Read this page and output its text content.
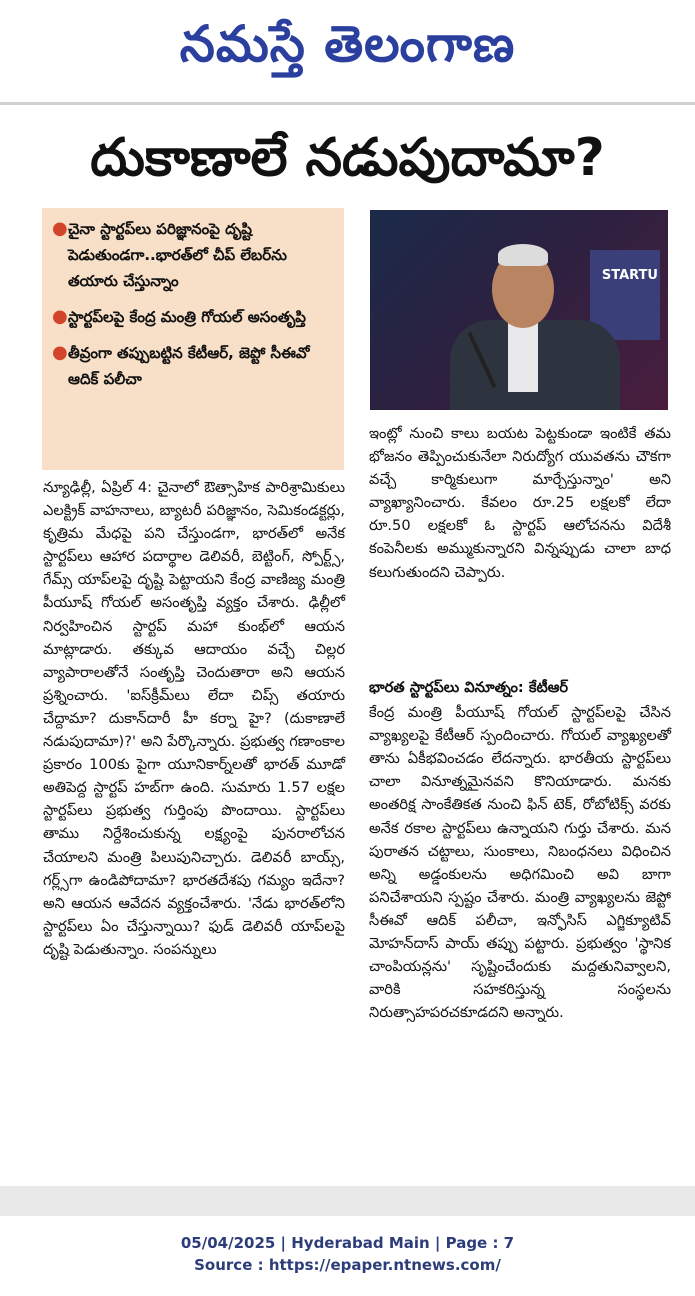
నమస్తే తెలంగాణ
దుకాణాలే నడుపుదామా?
● చైనా స్టార్టప్‌లు పరిజ్ఞానంపై దృష్టి పెడుతుండగా..భారత్‌లో చీప్ లేబర్‌ను తయారు చేస్తున్నాం
● స్టార్టప్‌లపై కేంద్ర మంత్రి గోయల్ అసంతృప్తి
● తీవ్రంగా తప్పుబట్టిన కేటీఆర్, జెప్టో సీఈవో ఆదిక్ పలీచా
STARTU

న్యూఢిల్లీ, ఏప్రిల్ 4: చైనాలో ఔత్సాహిక పారిశ్రామికులు ఎలక్ట్రిక్ వాహనాలు, బ్యాటరీ పరిజ్ఞానం, సెమికండక్టర్లు, కృత్రిమ మేధపై పని చేస్తుండగా, భారత్‌లో అనేక స్టార్టప్‌లు ఆహార పదార్థాల డెలివరీ, బెట్టింగ్, స్పోర్ట్స్, గేమ్స్ యాప్‌లపై దృష్టి పెట్టాయని కేంద్ర వాణిజ్య మంత్రి పీయూష్ గోయల్ అసంతృప్తి వ్యక్తం చేశారు. ఢిల్లీలో నిర్వహించిన స్టార్టప్ మహా కుంభ్‌లో ఆయన మాట్లాడారు. తక్కువ ఆదాయం వచ్చే చిల్లర వ్యాపారాలతోనే సంతృప్తి చెందుతారా అని ఆయన ప్రశ్నించారు. 'ఐస్‌క్రీమ్‌లు లేదా చిప్స్ తయారు చేద్దామా? దుకాన్‌దారీ హీ కర్నా హై? (దుకాణాలే నడుపుదామా)?' అని పేర్కొన్నారు. ప్రభుత్వ గణాంకాల ప్రకారం 100కు పైగా యూనికార్న్‌లతో భారత్ మూడో అతిపెద్ద స్టార్టప్ హబ్‌గా ఉంది. సుమారు 1.57 లక్షల స్టార్టప్‌లు ప్రభుత్వ గుర్తింపు పొందాయి. స్టార్టప్‌లు తాము నిర్దేశించుకున్న లక్ష్యంపై పునరాలోచన చేయాలని మంత్రి పిలుపునిచ్చారు. డెలివరీ బాయ్స్, గర్ల్స్‌గా ఉండిపోదామా? భారతదేశపు గమ్యం ఇదేనా? అని ఆయన ఆవేదన వ్యక్తంచేశారు. 'నేడు భారత్‌లోని స్టార్టప్‌లు ఏం చేస్తున్నాయి? ఫుడ్ డెలివరీ యాప్‌లపై దృష్టి పెడుతున్నాం. సంపన్నులు

ఇంట్లో నుంచి కాలు బయట పెట్టకుండా ఇంటికే తమ భోజనం తెప్పించుకునేలా నిరుద్యోగ యువతను చౌకగా వచ్చే కార్మికులుగా మార్చేస్తున్నాం' అని వ్యాఖ్యానించారు. కేవలం రూ.25 లక్షలకో లేదా రూ.50 లక్షలకో ఓ స్టార్టప్ ఆలోచనను విదేశీ కంపెనీలకు అమ్ముకున్నారని విన్నప్పుడు చాలా బాధ కలుగుతుందని చెప్పారు.

భారత స్టార్టప్‌లు వినూత్నం: కేటీఆర్

కేంద్ర మంత్రి పీయూష్ గోయల్ స్టార్టప్‌లపై చేసిన వ్యాఖ్యలపై కేటీఆర్ స్పందించారు. గోయల్ వ్యాఖ్యలతో తాను ఏకీభవించడం లేదన్నారు. భారతీయ స్టార్టప్‌లు చాలా వినూత్నమైనవని కొనియాడారు. మనకు అంతరిక్ష సాంకేతికత నుంచి ఫిన్ టెక్, రోబోటిక్స్ వరకు అనేక రకాల స్టార్టప్‌లు ఉన్నాయని గుర్తు చేశారు. మన పురాతన చట్టాలు, సుంకాలు, నిబంధనలు విధించిన అన్ని అడ్డంకులను అధిగమించి అవి బాగా పనిచేశాయని స్పష్టం చేశారు. మంత్రి వ్యాఖ్యలను జెప్టో సీఈవో ఆదిక్ పలీచా, ఇన్ఫోసిస్ ఎగ్జిక్యూటివ్ మోహన్‌దాస్ పాయ్ తప్పు పట్టారు. ప్రభుత్వం 'స్థానిక చాంపియన్లను' సృష్టించేందుకు మద్దతునివ్వాలని, వారికి సహకరిస్తున్న సంస్థలను నిరుత్సాహపరచకూడదని అన్నారు.

05/04/2025 | Hyderabad Main | Page : 7
Source : https://epaper.ntnews.com/
